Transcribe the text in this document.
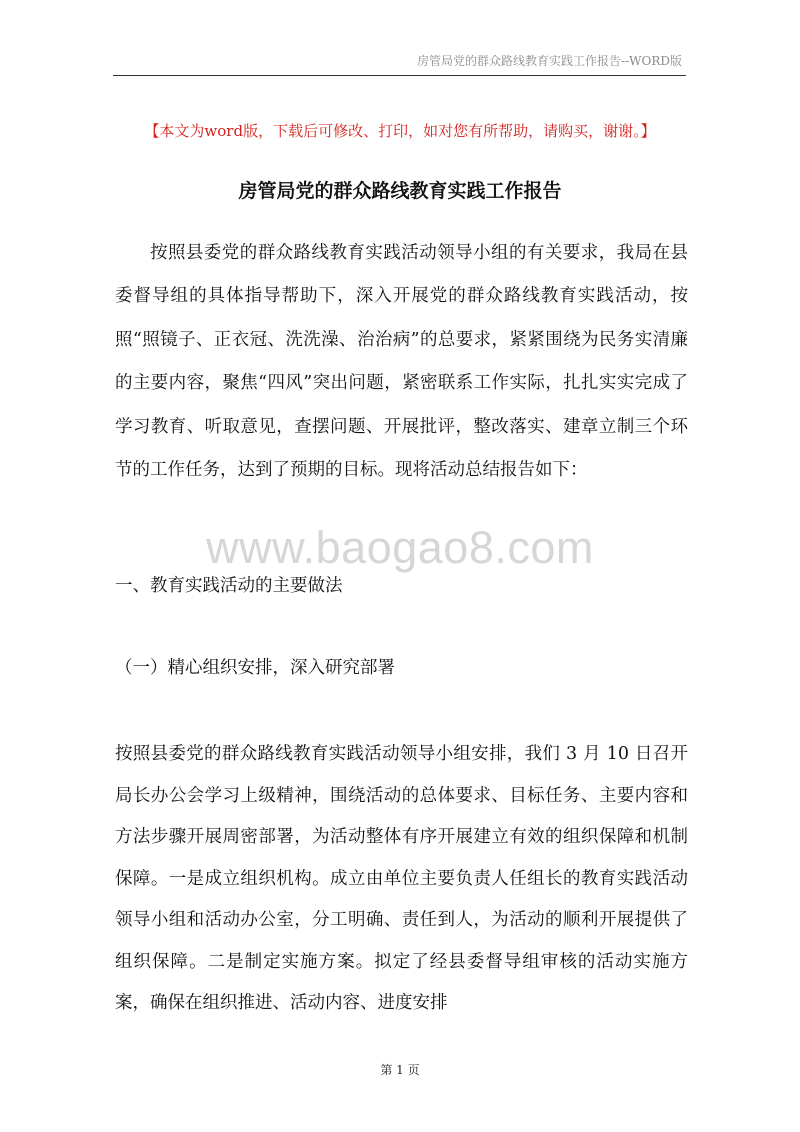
房管局党的群众路线教育实践工作报告--WORD版
【本文为word版，下载后可修改、打印，如对您有所帮助，请购买，谢谢。】
房管局党的群众路线教育实践工作报告

按照县委党的群众路线教育实践活动领导小组的有关要求，我局在县委督导组的具体指导帮助下，深入开展党的群众路线教育实践活动，按照“照镜子、正衣冠、洗洗澡、治治病”的总要求，紧紧围绕为民务实清廉的主要内容，聚焦“四风”突出问题，紧密联系工作实际，扎扎实实完成了学习教育、听取意见，查摆问题、开展批评，整改落实、建章立制三个环节的工作任务，达到了预期的目标。现将活动总结报告如下：

www.baogao8.com
一、教育实践活动的主要做法
（一）精心组织安排，深入研究部署

按照县委党的群众路线教育实践活动领导小组安排，我们 3 月 10 日召开局长办公会学习上级精神，围绕活动的总体要求、目标任务、主要内容和方法步骤开展周密部署，为活动整体有序开展建立有效的组织保障和机制保障。一是成立组织机构。成立由单位主要负责人任组长的教育实践活动领导小组和活动办公室，分工明确、责任到人，为活动的顺利开展提供了组织保障。二是制定实施方案。拟定了经县委督导组审核的活动实施方案，确保在组织推进、活动内容、进度安排

第 1 页
